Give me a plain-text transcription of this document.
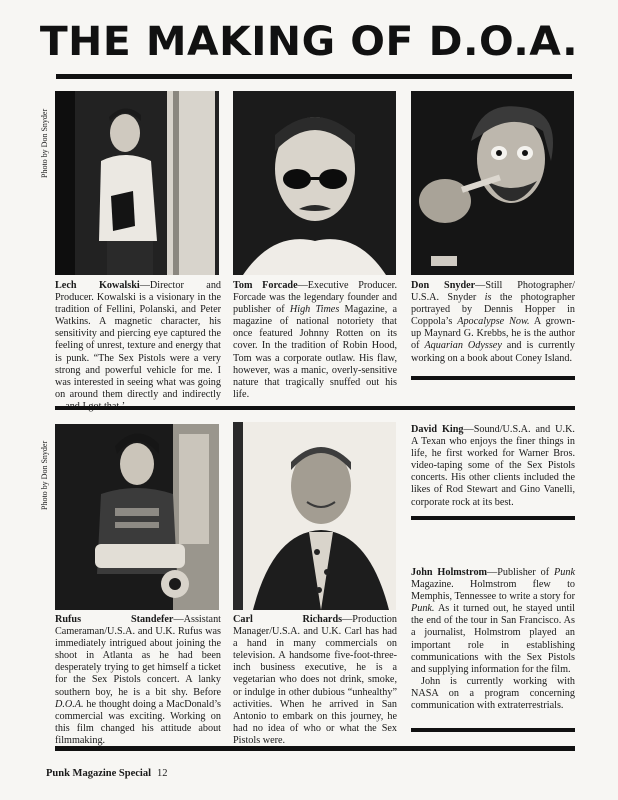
THE MAKING OF D.O.A.
Photo by Don Snyder
Photo by Don Snyder

Lech Kowalski—Director and Producer. Kowalski is a visionary in the tradition of Fellini, Polanski, and Peter Watkins. A magnetic character, his sensitivity and piercing eye captured the feeling of unrest, texture and energy that is punk. “The Sex Pistols were a very strong and powerful vehicle for me. I was interested in seeing what was going on around them directly and indirectly

Tom Forcade—Executive Producer. Forcade was the legendary founder and publisher of High Times Magazine, a magazine of national notoriety that once featured Johnny Rotten on its cover. In the tradition of Robin Hood, Tom was a corporate outlaw. His flaw, however, was a manic, overly-sensitive nature that tragically snuffed out his life.

Don Snyder—Still Photographer/ U.S.A. Snyder is the photographer portrayed by Dennis Hopper in Coppola’s Apocalypse Now. A grown-up Maynard G. Krebbs, he is the author of Aquarian Odyssey and is currently working on a book about Coney Island.

David King—Sound/U.S.A. and U.K. A Texan who enjoys the finer things in life, he first worked for Warner Bros. video-taping some of the Sex Pistols concerts. His other clients included the likes of Rod Stewart and Gino Vanelli, corporate rock at its best.

John Holmstrom—Publisher of Punk Magazine. Holmstrom flew to Memphis, Tennessee to write a story for Punk. As it turned out, he stayed until the end of the tour in San Francisco. As a journalist, Holmstrom played an important role in establishing communications with the Sex Pistols and supplying information for the film.

John is currently working with NASA on a program concerning communication with extraterrestrials.

Rufus Standefer—Assistant Cameraman/U.S.A. and U.K. Rufus was immediately intrigued about joining the shoot in Atlanta as he had been desperately trying to get himself a ticket for the Sex Pistols concert. A lanky southern boy, he is a bit shy. Before D.O.A. he thought doing a MacDonald’s commercial was exciting. Working on this film changed his attitude about filmmaking.

Carl Richards—Production Manager/U.S.A. and U.K. Carl has had a hand in many commercials on television. A handsome five-foot-three-inch business executive, he is a vegetarian who does not drink, smoke, or indulge in other dubious “unhealthy” activities. When he arrived in San Antonio to embark on this journey, he had no idea of who or what the Sex Pistols were.

Punk Magazine Special 12
